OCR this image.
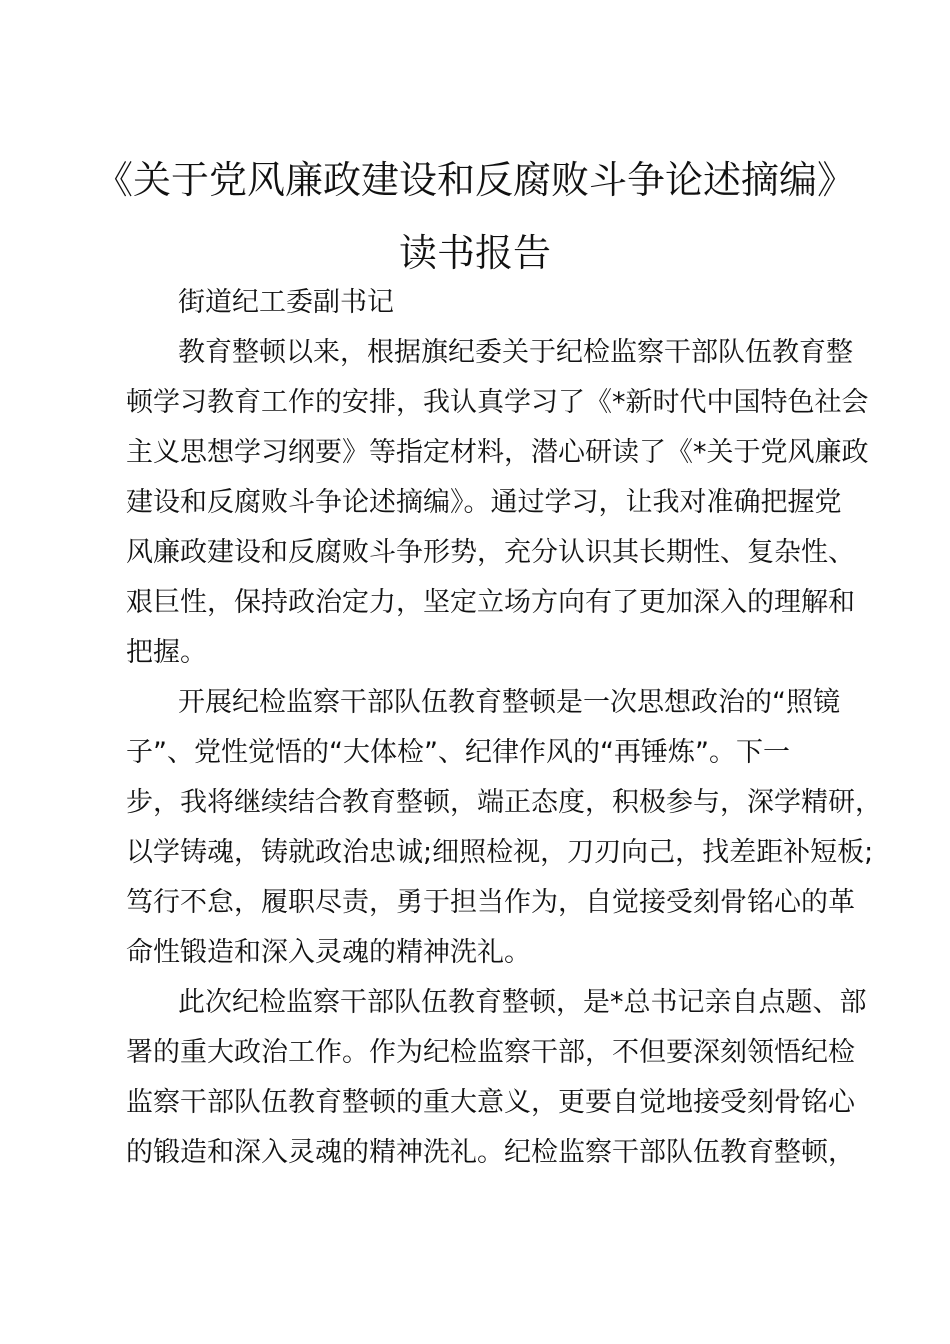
《关于党风廉政建设和反腐败斗争论述摘编》
读书报告

街道纪工委副书记

教育整顿以来，根据旗纪委关于纪检监察干部队伍教育整

顿学习教育工作的安排，我认真学习了《*新时代中国特色社会

主义思想学习纲要》等指定材料，潜心研读了《*关于党风廉政

建设和反腐败斗争论述摘编》。通过学习，让我对准确把握党

风廉政建设和反腐败斗争形势，充分认识其长期性、复杂性、

艰巨性，保持政治定力，坚定立场方向有了更加深入的理解和

把握。

开展纪检监察干部队伍教育整顿是一次思想政治的“照镜

子”、党性觉悟的“大体检”、纪律作风的“再锤炼”。下一

步，我将继续结合教育整顿，端正态度，积极参与，深学精研，

以学铸魂，铸就政治忠诚;细照检视，刀刃向己，找差距补短板;

笃行不怠，履职尽责，勇于担当作为，自觉接受刻骨铭心的革

命性锻造和深入灵魂的精神洗礼。

此次纪检监察干部队伍教育整顿，是*总书记亲自点题、部

署的重大政治工作。作为纪检监察干部，不但要深刻领悟纪检

监察干部队伍教育整顿的重大意义，更要自觉地接受刻骨铭心

的锻造和深入灵魂的精神洗礼。纪检监察干部队伍教育整顿，
